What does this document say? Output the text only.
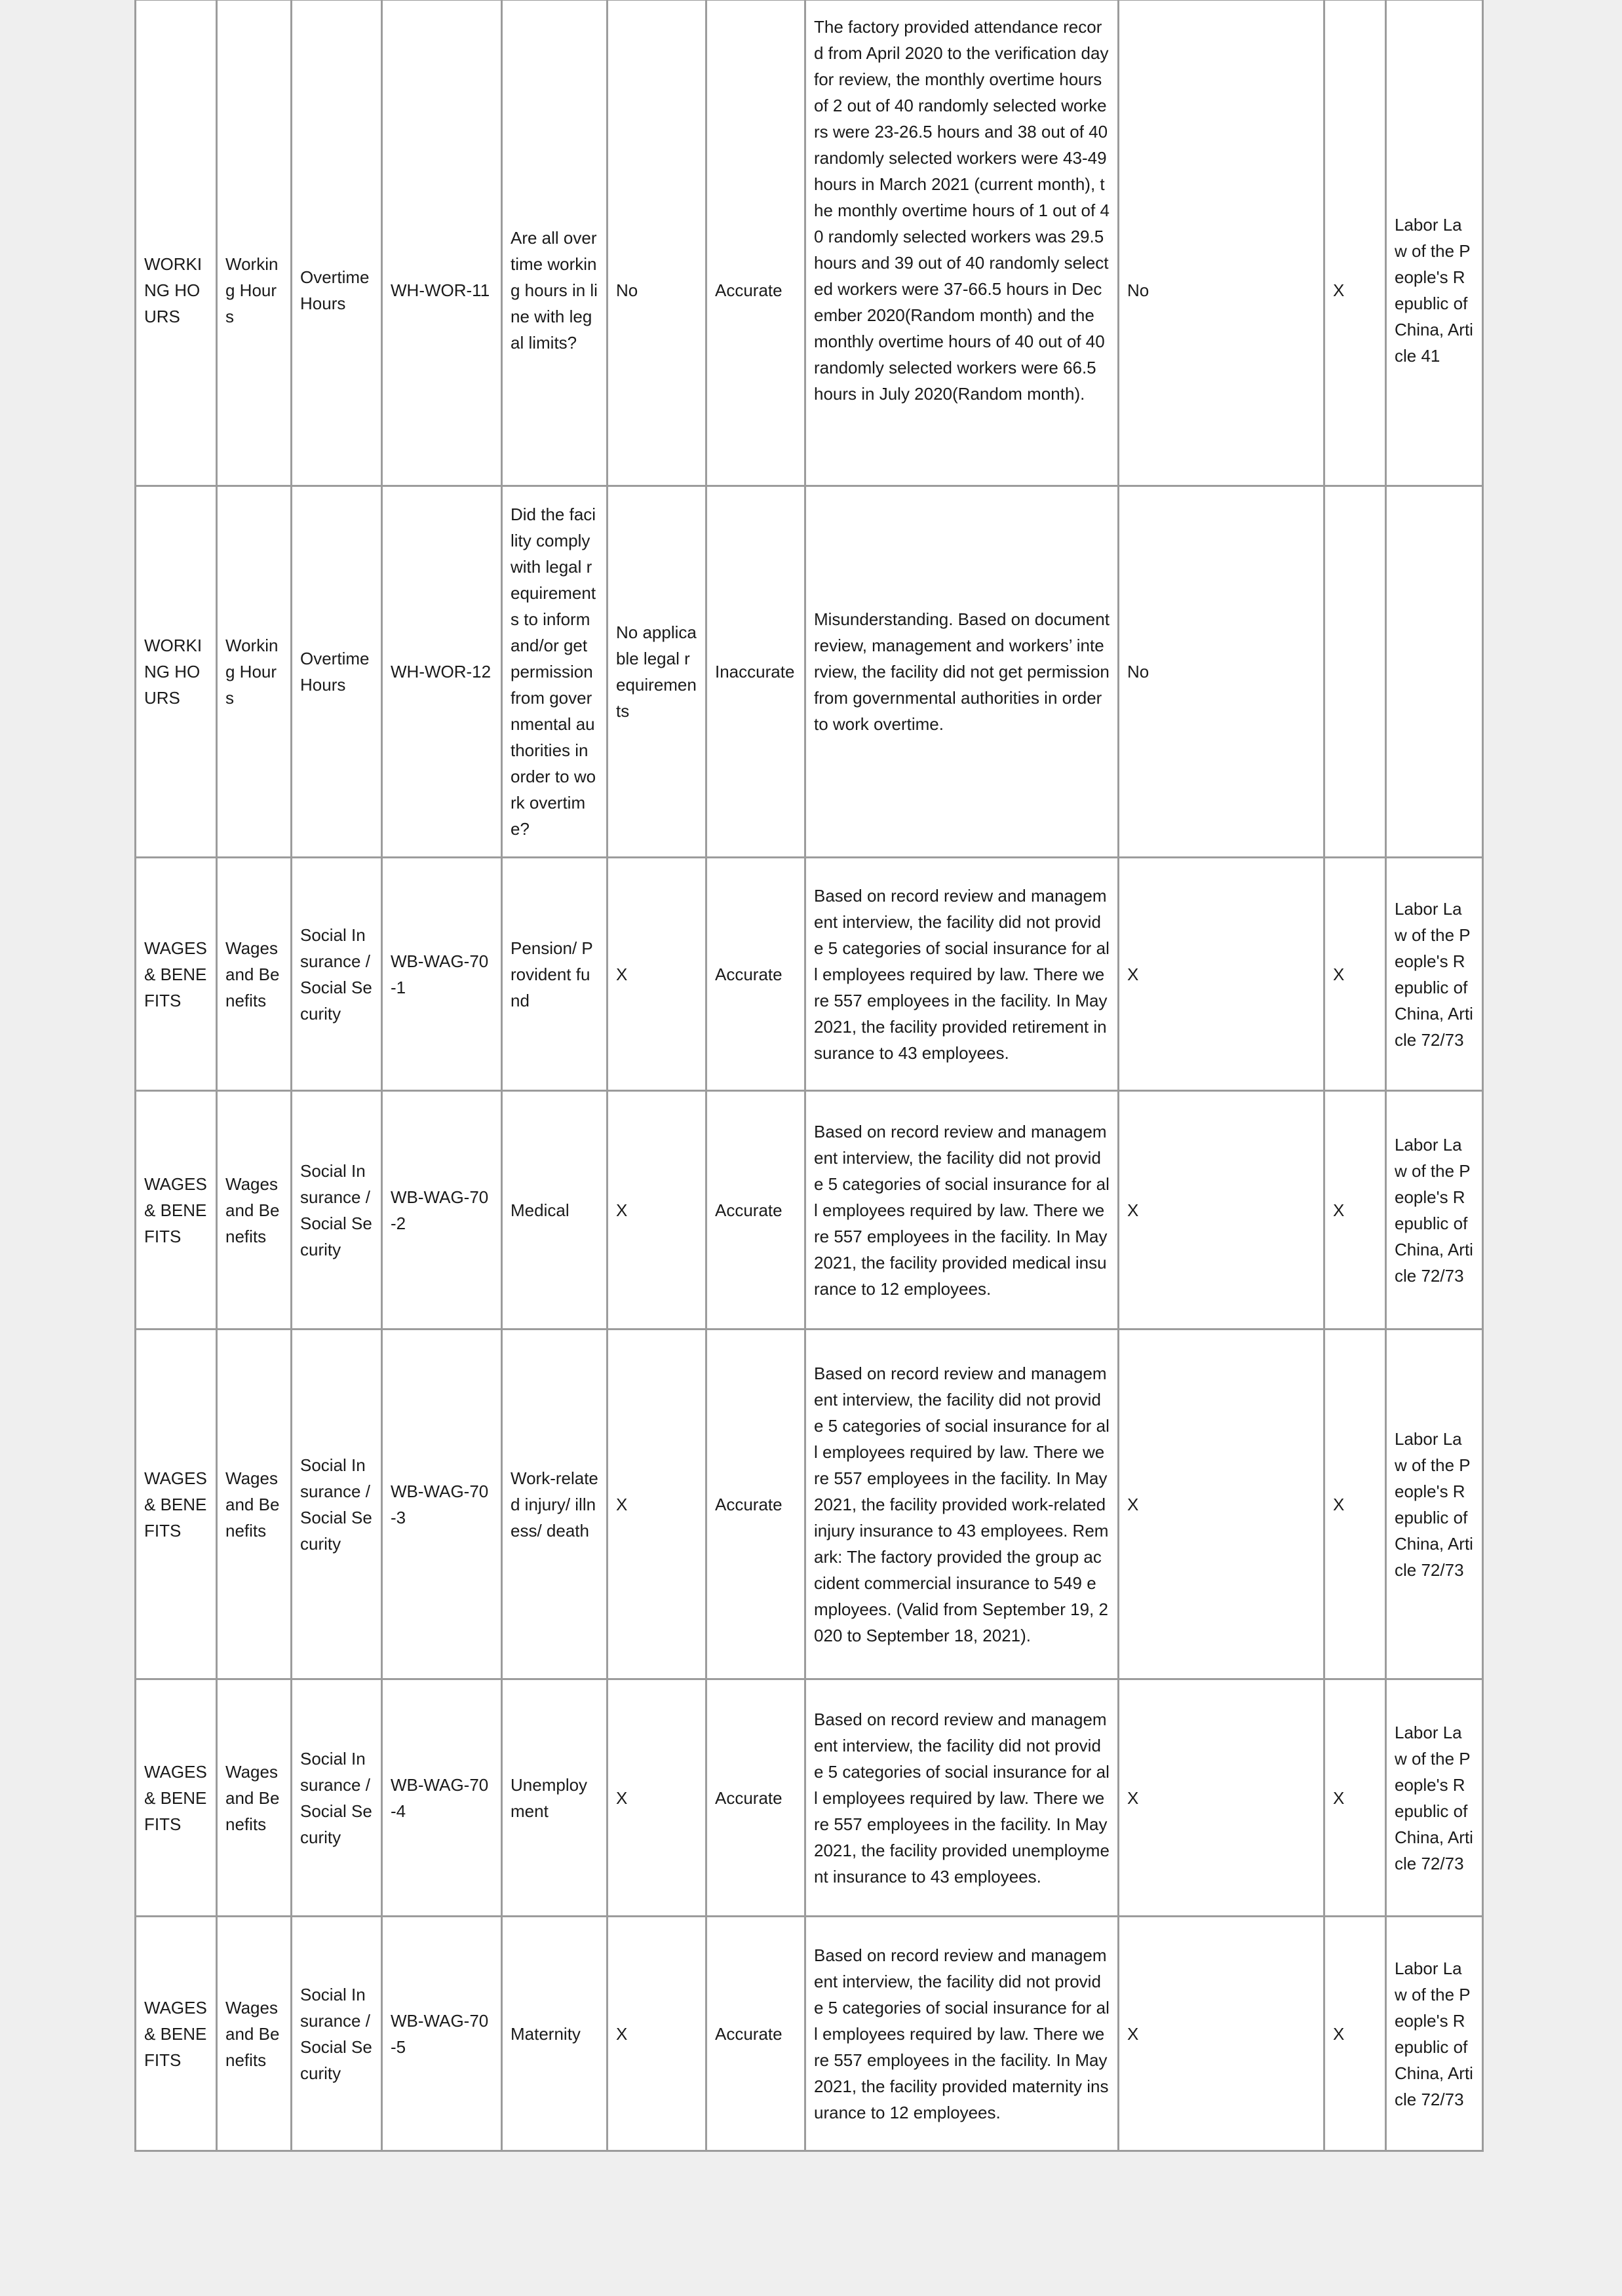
WORKING HOURS	Working Hours	Overtime Hours	WH-WOR-11	Are all overtime working hours in line with legal limits?	No	Accurate	The factory provided attendance record from April 2020 to the verification day for review, the monthly overtime hours of 2 out of 40 randomly selected workers were 23-26.5 hours and 38 out of 40 randomly selected workers were 43-49 hours in March 2021 (current month), the monthly overtime hours of 1 out of 40 randomly selected workers was 29.5 hours and 39 out of 40 randomly selected workers were 37-66.5 hours in December 2020(Random month) and the monthly overtime hours of 40 out of 40 randomly selected workers were 66.5 hours in July 2020(Random month).	No	X	Labor Law of the People's Republic of China, Article 41
WORKING HOURS	Working Hours	Overtime Hours	WH-WOR-12	Did the facility comply with legal requirements to inform and/or get permission from governmental authorities in order to work overtime?	No applicable legal requirements	Inaccurate	Misunderstanding. Based on document review, management and workers’ interview, the facility did not get permission from governmental authorities in order to work overtime.	No		
WAGES & BENEFITS	Wages and Benefits	Social Insurance / Social Security	WB-WAG-70-1	Pension/ Provident fund	X	Accurate	Based on record review and management interview, the facility did not provide 5 categories of social insurance for all employees required by law. There were 557 employees in the facility. In May 2021, the facility provided retirement insurance to 43 employees.	X	X	Labor Law of the People's Republic of China, Article 72/73
WAGES & BENEFITS	Wages and Benefits	Social Insurance / Social Security	WB-WAG-70-2	Medical	X	Accurate	Based on record review and management interview, the facility did not provide 5 categories of social insurance for all employees required by law. There were 557 employees in the facility. In May 2021, the facility provided medical insurance to 12 employees.	X	X	Labor Law of the People's Republic of China, Article 72/73
WAGES & BENEFITS	Wages and Benefits	Social Insurance / Social Security	WB-WAG-70-3	Work-related injury/ illness/ death	X	Accurate	Based on record review and management interview, the facility did not provide 5 categories of social insurance for all employees required by law. There were 557 employees in the facility. In May 2021, the facility provided work-related injury insurance to 43 employees. Remark: The factory provided the group accident commercial insurance to 549 employees. (Valid from September 19, 2020 to September 18, 2021).	X	X	Labor Law of the People's Republic of China, Article 72/73
WAGES & BENEFITS	Wages and Benefits	Social Insurance / Social Security	WB-WAG-70-4	Unemployment	X	Accurate	Based on record review and management interview, the facility did not provide 5 categories of social insurance for all employees required by law. There were 557 employees in the facility. In May 2021, the facility provided unemployment insurance to 43 employees.	X	X	Labor Law of the People's Republic of China, Article 72/73
WAGES & BENEFITS	Wages and Benefits	Social Insurance / Social Security	WB-WAG-70-5	Maternity	X	Accurate	Based on record review and management interview, the facility did not provide 5 categories of social insurance for all employees required by law. There were 557 employees in the facility. In May 2021, the facility provided maternity insurance to 12 employees.	X	X	Labor Law of the People's Republic of China, Article 72/73
